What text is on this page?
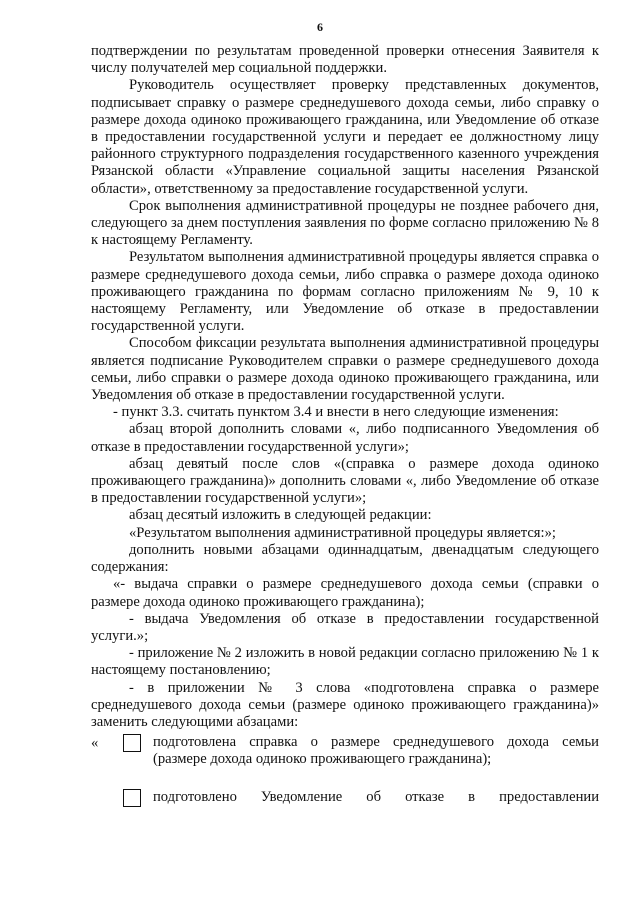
6

подтверждении по результатам проведенной проверки отнесения Заявителя к числу получателей мер социальной поддержки.

Руководитель осуществляет проверку представленных документов, подписывает справку о размере среднедушевого дохода семьи, либо справку о размере дохода одиноко проживающего гражданина, или Уведомление об отказе в предоставлении государственной услуги и передает ее должностному лицу районного структурного подразделения государственного казенного учреждения Рязанской области «Управление социальной защиты населения Рязанской области», ответственному за предоставление государственной услуги.

Срок выполнения административной процедуры не позднее рабочего дня, следующего за днем поступления заявления по форме согласно приложению № 8 к настоящему Регламенту.

Результатом выполнения административной процедуры является справка о размере среднедушевого дохода семьи, либо справка о размере дохода одиноко проживающего гражданина по формам согласно приложениям № 9, 10 к настоящему Регламенту, или Уведомление об отказе в предоставлении государственной услуги.

Способом фиксации результата выполнения административной процедуры является подписание Руководителем справки о размере среднедушевого дохода семьи, либо справки о размере дохода одиноко проживающего гражданина, или Уведомления об отказе в предоставлении государственной услуги.

- пункт 3.3. считать пунктом 3.4 и внести в него следующие изменения:

абзац второй дополнить словами «, либо подписанного Уведомления об отказе в предоставлении государственной услуги»;

абзац девятый после слов «(справка о размере дохода одиноко проживающего гражданина)» дополнить словами «, либо Уведомление об отказе в предоставлении государственной услуги»;

абзац десятый изложить в следующей редакции:

«Результатом выполнения административной процедуры является:»;

дополнить новыми абзацами одиннадцатым, двенадцатым следующего содержания:

«- выдача справки о размере среднедушевого дохода семьи (справки о размере дохода одиноко проживающего гражданина);

- выдача Уведомления об отказе в предоставлении государственной услуги.»;

- приложение № 2 изложить в новой редакции согласно приложению № 1 к настоящему постановлению;

- в приложении № 3 слова «подготовлена справка о размере среднедушевого дохода семьи (размере одиноко проживающего гражданина)» заменить следующими абзацами:

«	подготовлена справка о размере среднедушевого дохода семьи (размере дохода одиноко проживающего гражданина);

подготовлено Уведомление об отказе в предоставлении
